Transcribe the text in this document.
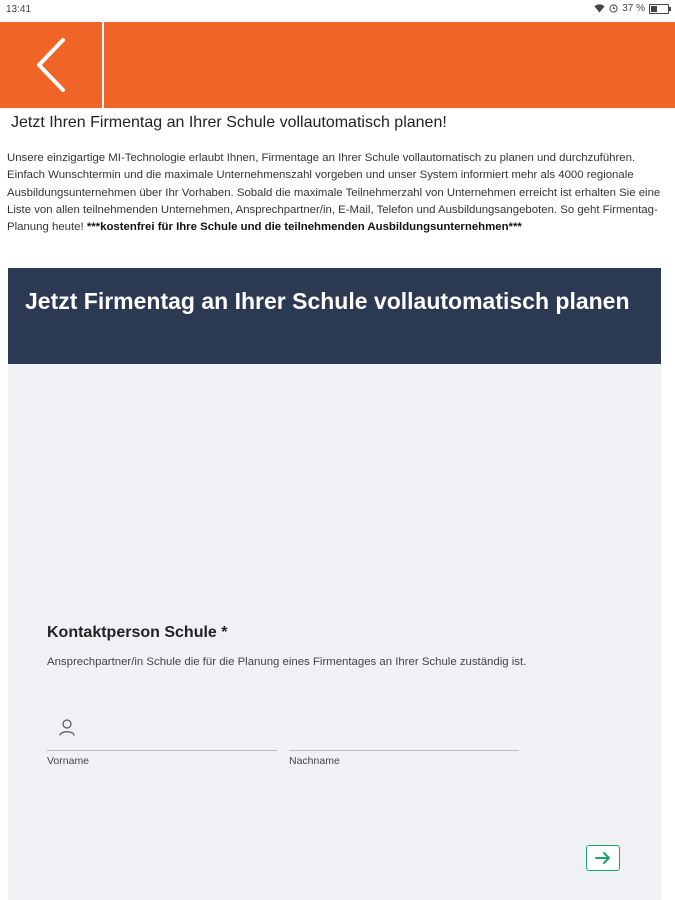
13:41	37 %
Jetzt Ihren Firmentag an Ihrer Schule vollautomatisch planen!

Unsere einzigartige MI-Technologie erlaubt Ihnen, Firmentage an Ihrer Schule vollautomatisch zu planen und durchzuführen. Einfach Wunschtermin und die maximale Unternehmenszahl vorgeben und unser System informiert mehr als 4000 regionale Ausbildungsunternehmen über Ihr Vorhaben. Sobald die maximale Teilnehmerzahl von Unternehmen erreicht ist erhalten Sie eine Liste von allen teilnehmenden Unternehmen, Ansprechpartner/in, E-Mail, Telefon und Ausbildungsangeboten. So geht Firmentag-Planung heute! ***kostenfrei für Ihre Schule und die teilnehmenden Ausbildungsunternehmen***

Jetzt Firmentag an Ihrer Schule vollautomatisch planen
Kontaktperson Schule *

Ansprechpartner/in Schule die für die Planung eines Firmentages an Ihrer Schule zuständig ist.

Vorname	Nachname
